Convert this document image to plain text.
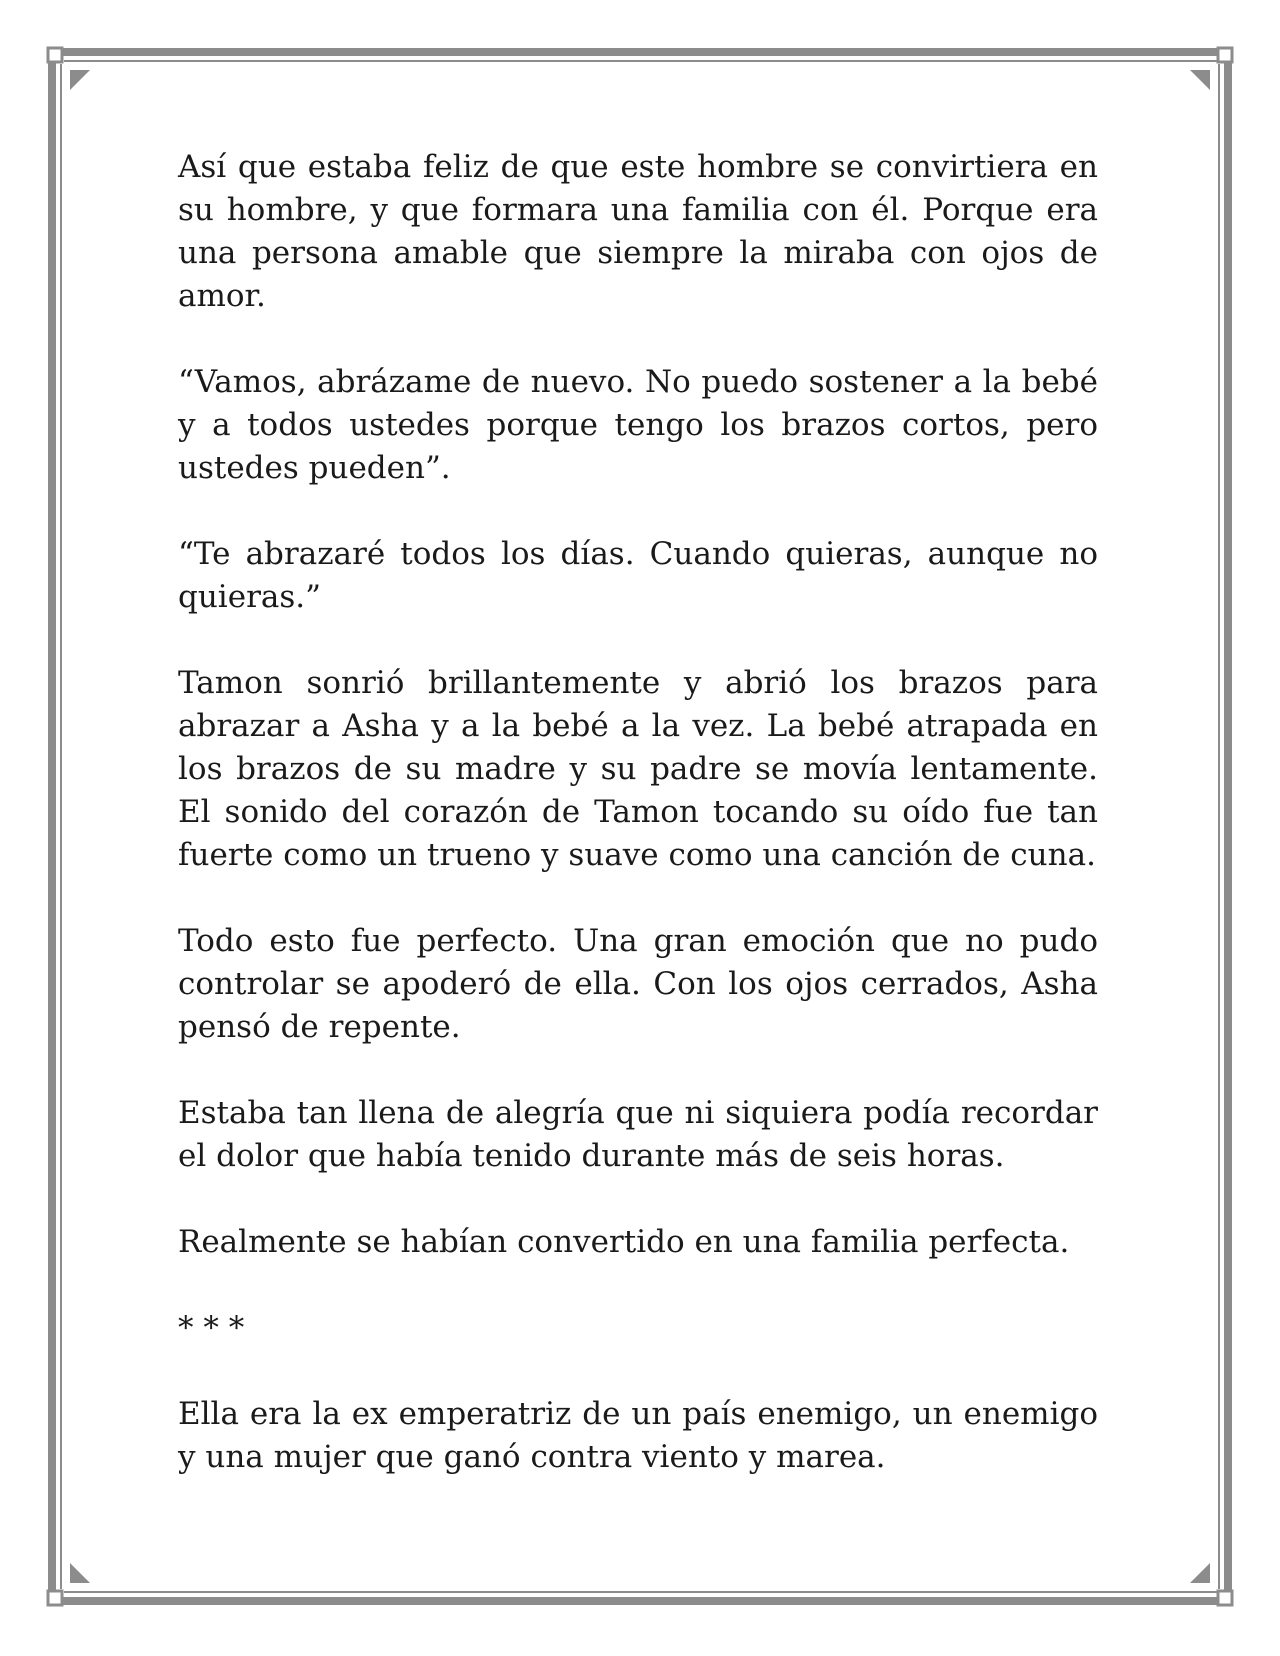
Así que estaba feliz de que este hombre se convirtiera en su hombre, y que formara una familia con él. Porque era una persona amable que siempre la miraba con ojos de amor.

“Vamos, abrázame de nuevo. No puedo sostener a la bebé y a todos ustedes porque tengo los brazos cortos, pero ustedes pueden”.

“Te abrazaré todos los días. Cuando quieras, aunque no quieras.”

Tamon sonrió brillantemente y abrió los brazos para abrazar a Asha y a la bebé a la vez. La bebé atrapada en los brazos de su madre y su padre se movía lentamente. El sonido del corazón de Tamon tocando su oído fue tan fuerte como un trueno y suave como una canción de cuna.

Todo esto fue perfecto. Una gran emoción que no pudo controlar se apoderó de ella. Con los ojos cerrados, Asha pensó de repente.

Estaba tan llena de alegría que ni siquiera podía recordar el dolor que había tenido durante más de seis horas.

Realmente se habían convertido en una familia perfecta.

* * *

Ella era la ex emperatriz de un país enemigo, un enemigo y una mujer que ganó contra viento y marea.
